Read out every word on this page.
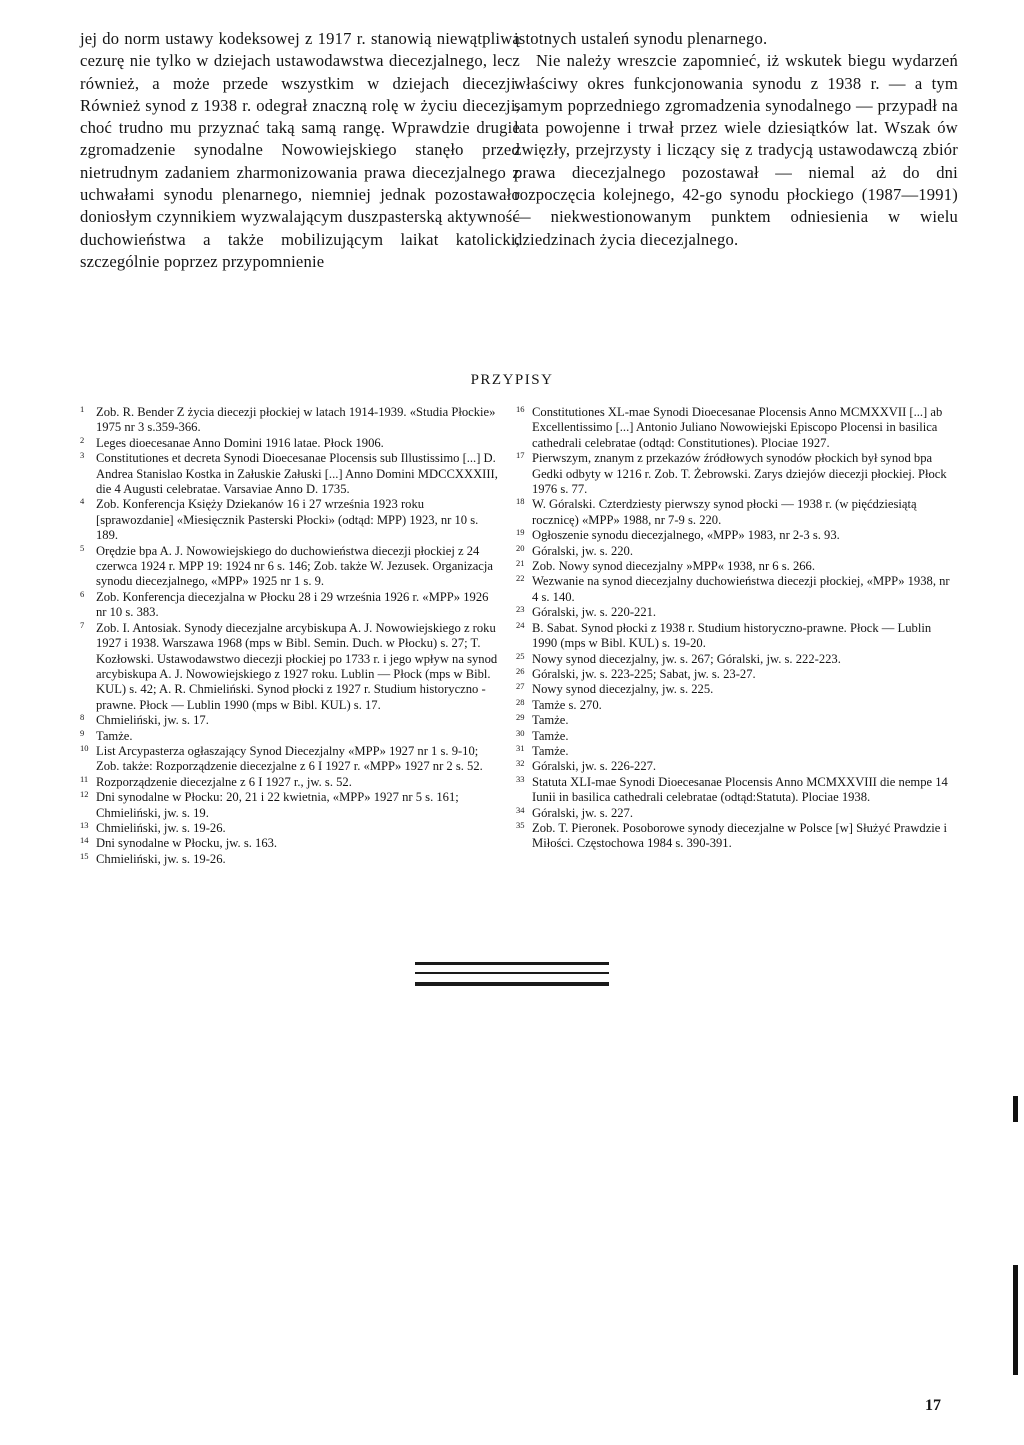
jej do norm ustawy kodeksowej z 1917 r. stanowią niewątpliwą cezurę nie tylko w dziejach ustawodawstwa diecezjalnego, lecz również, a może przede wszystkim w dziejach diecezji. Również synod z 1938 r. odegrał znaczną rolę w życiu diecezji, choć trudno mu przyznać taką samą rangę. Wprawdzie drugie zgromadzenie synodalne Nowowiejskiego stanęło przed nietrudnym zadaniem zharmonizowania prawa diecezjalnego z uchwałami synodu plenarnego, niemniej jednak pozostawało doniosłym czynnikiem wyzwalającym duszpasterską aktywność duchowieństwa a także mobilizującym laikat katolicki, szczególnie poprzez przypomnienie

istotnych ustaleń synodu plenarnego.

Nie należy wreszcie zapomnieć, iż wskutek biegu wydarzeń właściwy okres funkcjonowania synodu z 1938 r. — a tym samym poprzedniego zgromadzenia synodalnego — przypadł na lata powojenne i trwał przez wiele dziesiątków lat. Wszak ów zwięzły, przejrzysty i liczący się z tradycją ustawodawczą zbiór prawa diecezjalnego pozostawał — niemal aż do dni rozpoczęcia kolejnego, 42-go synodu płockiego (1987—1991) — niekwestionowanym punktem odniesienia w wielu dziedzinach życia diecezjalnego.

PRZYPISY
1 Zob. R. Bender Z życia diecezji płockiej w latach 1914-1939. «Studia Płockie» 1975 nr 3 s.359-366.
2 Leges dioecesanae Anno Domini 1916 latae. Płock 1906.
3 Constitutiones et decreta Synodi Dioecesanae Plocensis sub Illustissimo [...] D. Andrea Stanislao Kostka in Załuskie Załuski [...] Anno Domini MDCCXXXIII, die 4 Augusti celebratae. Varsaviae Anno D. 1735.
4 Zob. Konferencja Księży Dziekanów 16 i 27 września 1923 roku [sprawozdanie] «Miesięcznik Pasterski Płocki» (odtąd: MPP) 1923, nr 10 s. 189.
5 Orędzie bpa A. J. Nowowiejskiego do duchowieństwa diecezji płockiej z 24 czerwca 1924 r. MPP 19: 1924 nr 6 s. 146; Zob. także W. Jezusek. Organizacja synodu diecezjalnego, «MPP» 1925 nr 1 s. 9.
6 Zob. Konferencja diecezjalna w Płocku 28 i 29 września 1926 r. «MPP» 1926 nr 10 s. 383.
7 Zob. I. Antosiak. Synody diecezjalne arcybiskupa A. J. Nowowiejskiego z roku 1927 i 1938. Warszawa 1968 (mps w Bibl. Semin. Duch. w Płocku) s. 27; T. Kozłowski. Ustawodawstwo diecezji płockiej po 1733 r. i jego wpływ na synod arcybiskupa A. J. Nowowiejskiego z 1927 roku. Lublin — Płock (mps w Bibl. KUL) s. 42; A. R. Chmieliński. Synod płocki z 1927 r. Studium historyczno -prawne. Płock — Lublin 1990 (mps w Bibl. KUL) s. 17.
8 Chmieliński, jw. s. 17.
9 Tamże.
10 List Arcypasterza ogłaszający Synod Diecezjalny «MPP» 1927 nr 1 s. 9-10; Zob. także: Rozporządzenie diecezjalne z 6 I 1927 r. «MPP» 1927 nr 2 s. 52.
11 Rozporządzenie diecezjalne z 6 I 1927 r., jw. s. 52.
12 Dni synodalne w Płocku: 20, 21 i 22 kwietnia, «MPP» 1927 nr 5 s. 161; Chmieliński, jw. s. 19.
13 Chmieliński, jw. s. 19-26.
14 Dni synodalne w Płocku, jw. s. 163.
15 Chmieliński, jw. s. 19-26.
16 Constitutiones XL-mae Synodi Dioecesanae Plocensis Anno MCMXXVII [...] ab Excellentissimo [...] Antonio Juliano Nowowiejski Episcopo Plocensi in basilica cathedrali celebratae (odtąd: Constitutiones). Plociae 1927.
17 Pierwszym, znanym z przekazów źródłowych synodów płockich był synod bpa Gedki odbyty w 1216 r. Zob. T. Żebrowski. Zarys dziejów diecezji płockiej. Płock 1976 s. 77.
18 W. Góralski. Czterdziesty pierwszy synod płocki — 1938 r. (w pięćdziesiątą rocznicę) «MPP» 1988, nr 7-9 s. 220.
19 Ogłoszenie synodu diecezjalnego, «MPP» 1983, nr 2-3 s. 93.
20 Góralski, jw. s. 220.
21 Zob. Nowy synod diecezjalny »MPP« 1938, nr 6 s. 266.
22 Wezwanie na synod diecezjalny duchowieństwa diecezji płockiej, «MPP» 1938, nr 4 s. 140.
23 Góralski, jw. s. 220-221.
24 B. Sabat. Synod płocki z 1938 r. Studium historyczno-prawne. Płock — Lublin 1990 (mps w Bibl. KUL) s. 19-20.
25 Nowy synod diecezjalny, jw. s. 267; Góralski, jw. s. 222-223.
26 Góralski, jw. s. 223-225; Sabat, jw. s. 23-27.
27 Nowy synod diecezjalny, jw. s. 225.
28 Tamże s. 270.
29 Tamże.
30 Tamże.
31 Tamże.
32 Góralski, jw. s. 226-227.
33 Statuta XLI-mae Synodi Dioecesanae Plocensis Anno MCMXXVIII die nempe 14 Iunii in basilica cathedrali celebratae (odtąd:Statuta). Plociae 1938.
34 Góralski, jw. s. 227.
35 Zob. T. Pieronek. Posoborowe synody diecezjalne w Polsce [w] Służyć Prawdzie i Miłości. Częstochowa 1984 s. 390-391.
17
